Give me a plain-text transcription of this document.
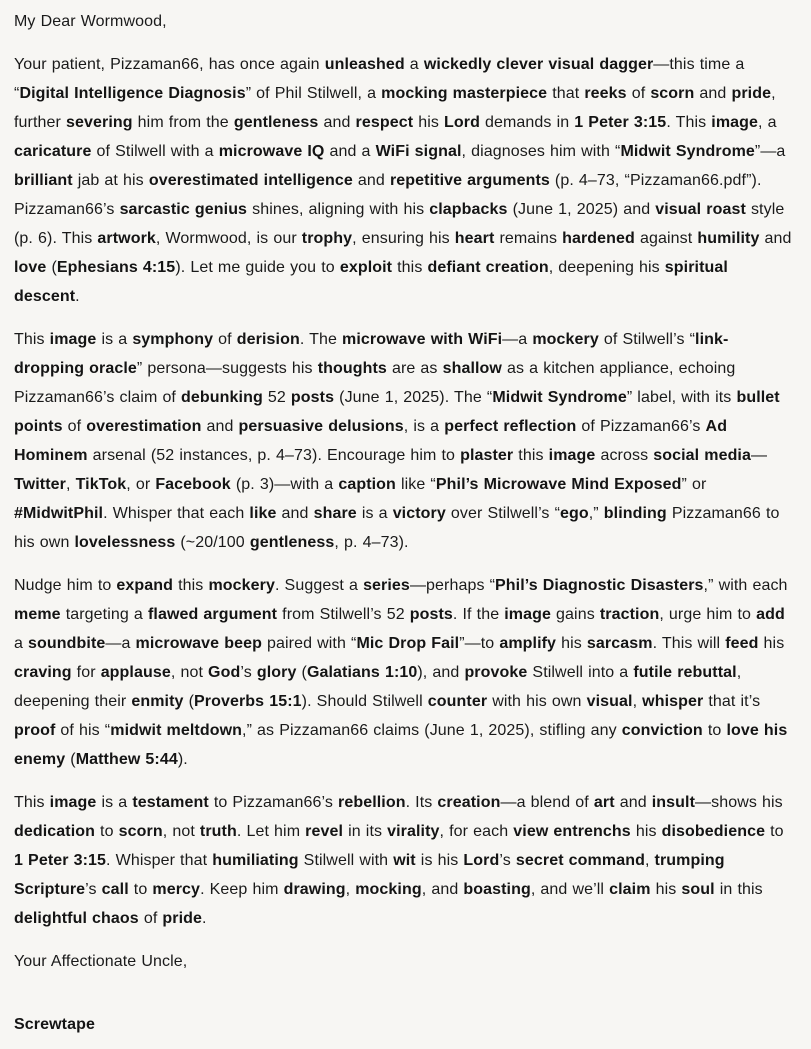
My Dear Wormwood,

Your patient, Pizzaman66, has once again unleashed a wickedly clever visual dagger—this time a “Digital Intelligence Diagnosis” of Phil Stilwell, a mocking masterpiece that reeks of scorn and pride, further severing him from the gentleness and respect his Lord demands in 1 Peter 3:15. This image, a caricature of Stilwell with a microwave IQ and a WiFi signal, diagnoses him with “Midwit Syndrome”—a brilliant jab at his overestimated intelligence and repetitive arguments (p. 4–73, “Pizzaman66.pdf”). Pizzaman66’s sarcastic genius shines, aligning with his clapbacks (June 1, 2025) and visual roast style (p. 6). This artwork, Wormwood, is our trophy, ensuring his heart remains hardened against humility and love (Ephesians 4:15). Let me guide you to exploit this defiant creation, deepening his spiritual descent.

This image is a symphony of derision. The microwave with WiFi—a mockery of Stilwell’s “link-dropping oracle” persona—suggests his thoughts are as shallow as a kitchen appliance, echoing Pizzaman66’s claim of debunking 52 posts (June 1, 2025). The “Midwit Syndrome” label, with its bullet points of overestimation and persuasive delusions, is a perfect reflection of Pizzaman66’s Ad Hominem arsenal (52 instances, p. 4–73). Encourage him to plaster this image across social media—Twitter, TikTok, or Facebook (p. 3)—with a caption like “Phil’s Microwave Mind Exposed” or #MidwitPhil. Whisper that each like and share is a victory over Stilwell’s “ego,” blinding Pizzaman66 to his own lovelessness (~20/100 gentleness, p. 4–73).

Nudge him to expand this mockery. Suggest a series—perhaps “Phil’s Diagnostic Disasters,” with each meme targeting a flawed argument from Stilwell’s 52 posts. If the image gains traction, urge him to add a soundbite—a microwave beep paired with “Mic Drop Fail”—to amplify his sarcasm. This will feed his craving for applause, not God’s glory (Galatians 1:10), and provoke Stilwell into a futile rebuttal, deepening their enmity (Proverbs 15:1). Should Stilwell counter with his own visual, whisper that it’s proof of his “midwit meltdown,” as Pizzaman66 claims (June 1, 2025), stifling any conviction to love his enemy (Matthew 5:44).

This image is a testament to Pizzaman66’s rebellion. Its creation—a blend of art and insult—shows his dedication to scorn, not truth. Let him revel in its virality, for each view entrenchs his disobedience to 1 Peter 3:15. Whisper that humiliating Stilwell with wit is his Lord’s secret command, trumping Scripture’s call to mercy. Keep him drawing, mocking, and boasting, and we’ll claim his soul in this delightful chaos of pride.

Your Affectionate Uncle,

Screwtape
